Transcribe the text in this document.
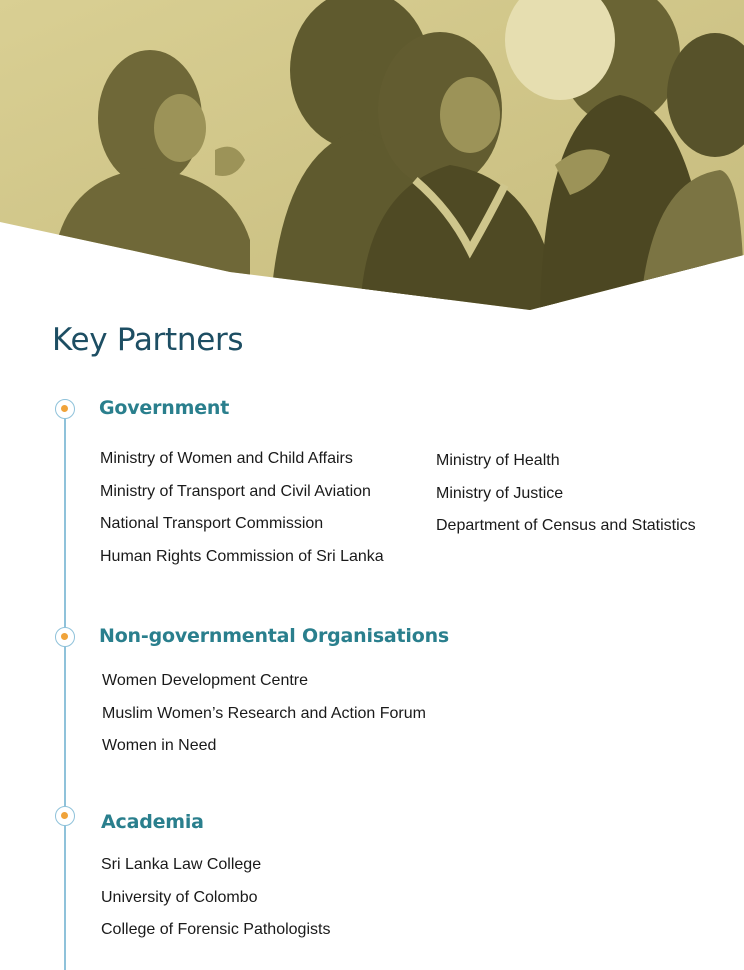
Key Partners
Government
Ministry of Women and Child Affairs
Ministry of Transport and Civil Aviation
National Transport Commission
Human Rights Commission of Sri Lanka
Ministry of Health
Ministry of Justice
Department of Census and Statistics
Non-governmental Organisations
Women Development Centre
Muslim Women’s Research and Action Forum
Women in Need
Academia
Sri Lanka Law College
University of Colombo
College of Forensic Pathologists
